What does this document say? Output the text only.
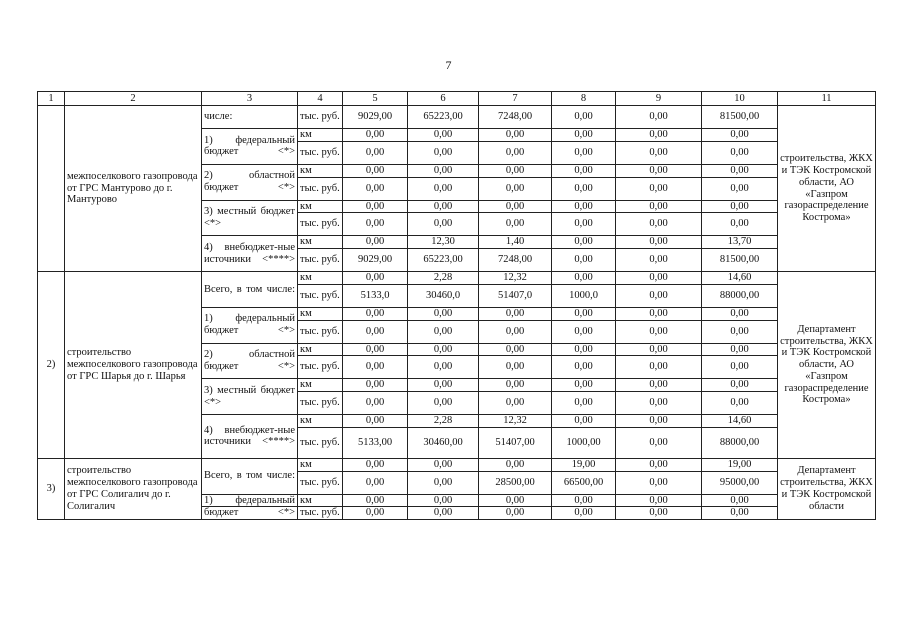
7
1	2	3	4	5	6	7	8	9	10	11
	межпоселкового газопровода от ГРС Мантурово до г. Мантурово	числе:	тыс. руб.	9029,00	65223,00	7248,00	0,00	0,00	81500,00	строительства, ЖКХ и ТЭК Костромской области, АО «Газпром газораспределение Кострома»
		1) федеральный бюджет <*>	км	0,00	0,00	0,00	0,00	0,00	0,00	
			тыс. руб.	0,00	0,00	0,00	0,00	0,00	0,00	
		2) областной бюджет <*>	км	0,00	0,00	0,00	0,00	0,00	0,00	
			тыс. руб.	0,00	0,00	0,00	0,00	0,00	0,00	
		3) местный бюджет <*>	км	0,00	0,00	0,00	0,00	0,00	0,00	
			тыс. руб.	0,00	0,00	0,00	0,00	0,00	0,00	
		4) внебюджет-ные источники <****>	км	0,00	12,30	1,40	0,00	0,00	13,70	
			тыс. руб.	9029,00	65223,00	7248,00	0,00	0,00	81500,00	
2)	строительство межпоселкового газопровода от ГРС Шарья до г. Шарья	Всего, в том числе:	км	0,00	2,28	12,32	0,00	0,00	14,60	Департамент строительства, ЖКХ и ТЭК Костромской области, АО «Газпром газораспределение Кострома»
			тыс. руб.	5133,0	30460,0	51407,0	1000,0	0,00	88000,00	
		1) федеральный бюджет <*>	км	0,00	0,00	0,00	0,00	0,00	0,00	
			тыс. руб.	0,00	0,00	0,00	0,00	0,00	0,00	
		2) областной бюджет <*>	км	0,00	0,00	0,00	0,00	0,00	0,00	
			тыс. руб.	0,00	0,00	0,00	0,00	0,00	0,00	
		3) местный бюджет <*>	км	0,00	0,00	0,00	0,00	0,00	0,00	
			тыс. руб.	0,00	0,00	0,00	0,00	0,00	0,00	
		4) внебюджет-ные источники <****>	км	0,00	2,28	12,32	0,00	0,00	14,60	
			тыс. руб.	5133,00	30460,00	51407,00	1000,00	0,00	88000,00	
3)	строительство межпоселкового газопровода от ГРС Солигалич до г. Солигалич	Всего, в том числе:	км	0,00	0,00	0,00	19,00	0,00	19,00	Департамент строительства, ЖКХ и ТЭК Костромской области
			тыс. руб.	0,00	0,00	28500,00	66500,00	0,00	95000,00	
		1) федеральный	км	0,00	0,00	0,00	0,00	0,00	0,00	
		бюджет <*>	тыс. руб.	0,00	0,00	0,00	0,00	0,00	0,00	
